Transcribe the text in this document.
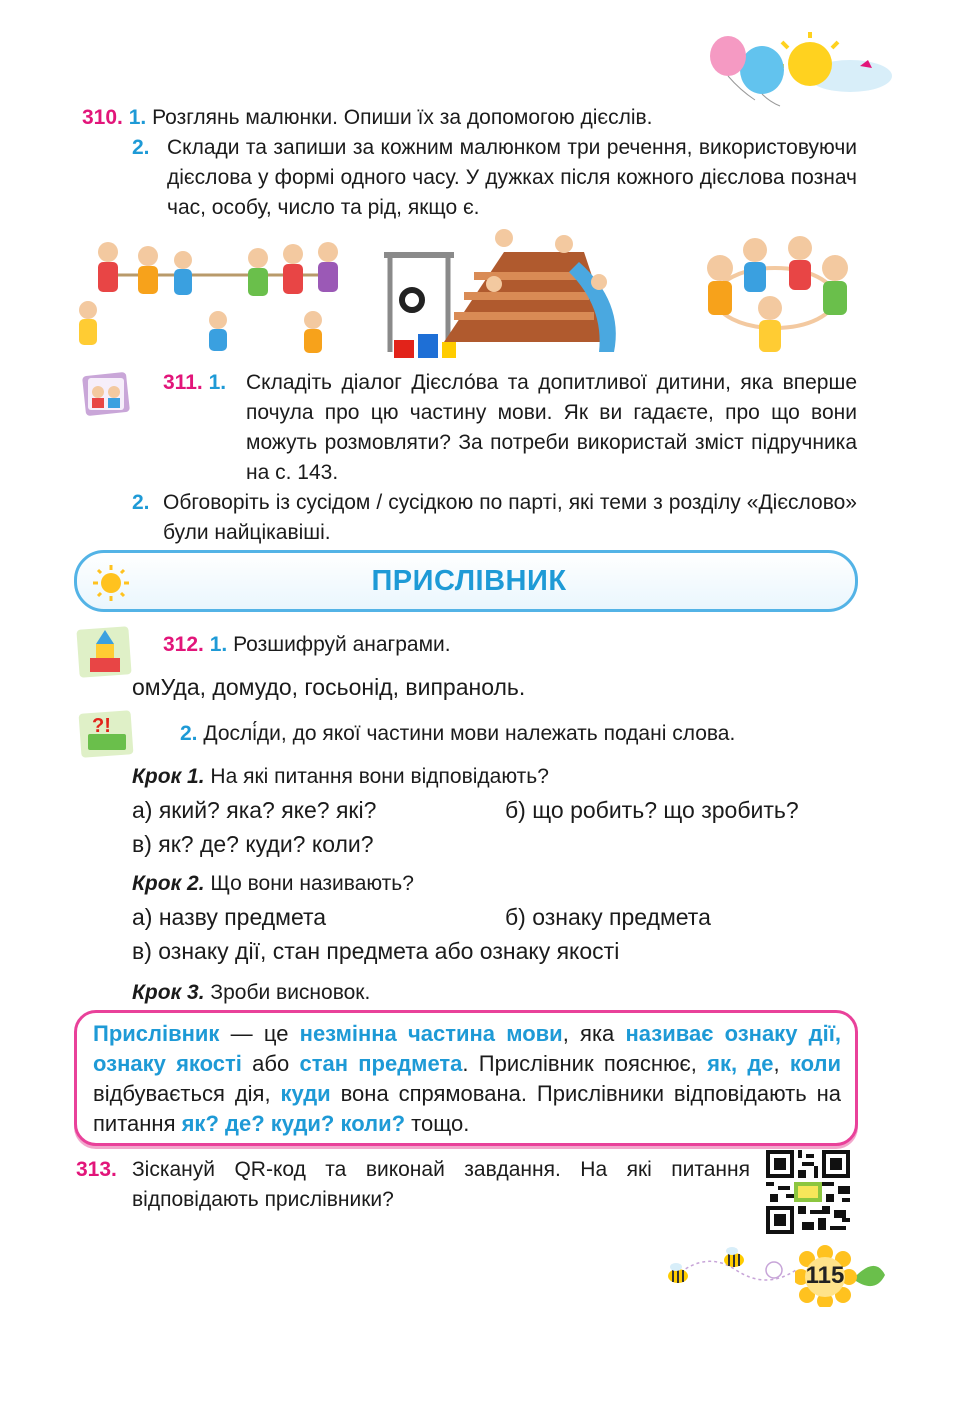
310. 1. Розглянь малюнки. Опиши їх за допомогою дієслів.
2. Склади та запиши за кожним малюнком три речення, використовуючи дієслова у формі одного часу. У дужках після кожного дієслова познач час, особу, число та рід, якщо є.
311. 1. Складіть діалог Дієсло́ва та допитливої дитини, яка вперше почула про цю частину мови. Як ви гадаєте, про що вони можуть розмовляти? За потреби використай зміст підручника на с. 143.
2. Обговоріть із сусідом / сусідкою по парті, які теми з розділу «Дієслово» були найцікавіші.
ПРИСЛІВНИК
312. 1. Розшифруй анаграми.
омУда, домудо, госьонід, випраноль.
?!	2. Дослі́ди, до якої частини мови належать подані слова.
Крок 1. На які питання вони відповідають?
а) який? яка? яке? які?	б) що робить? що зробить?
в) як? де? куди? коли?
Крок 2. Що вони називають?
а) назву предмета	б) ознаку предмета
в) ознаку дії, стан предмета або ознаку якості
Крок 3. Зроби висновок.
Прислівник — це незмінна частина мови, яка називає ознаку дії, ознаку якості або стан предмета. Прислівник пояснює, як, де, коли відбувається дія, куди вона спрямована. Прислівники відповідають на питання як? де? куди? коли? тощо.
313. Зіскануй QR-код та виконай завдання. На які питання відповідають прислівники?
115
